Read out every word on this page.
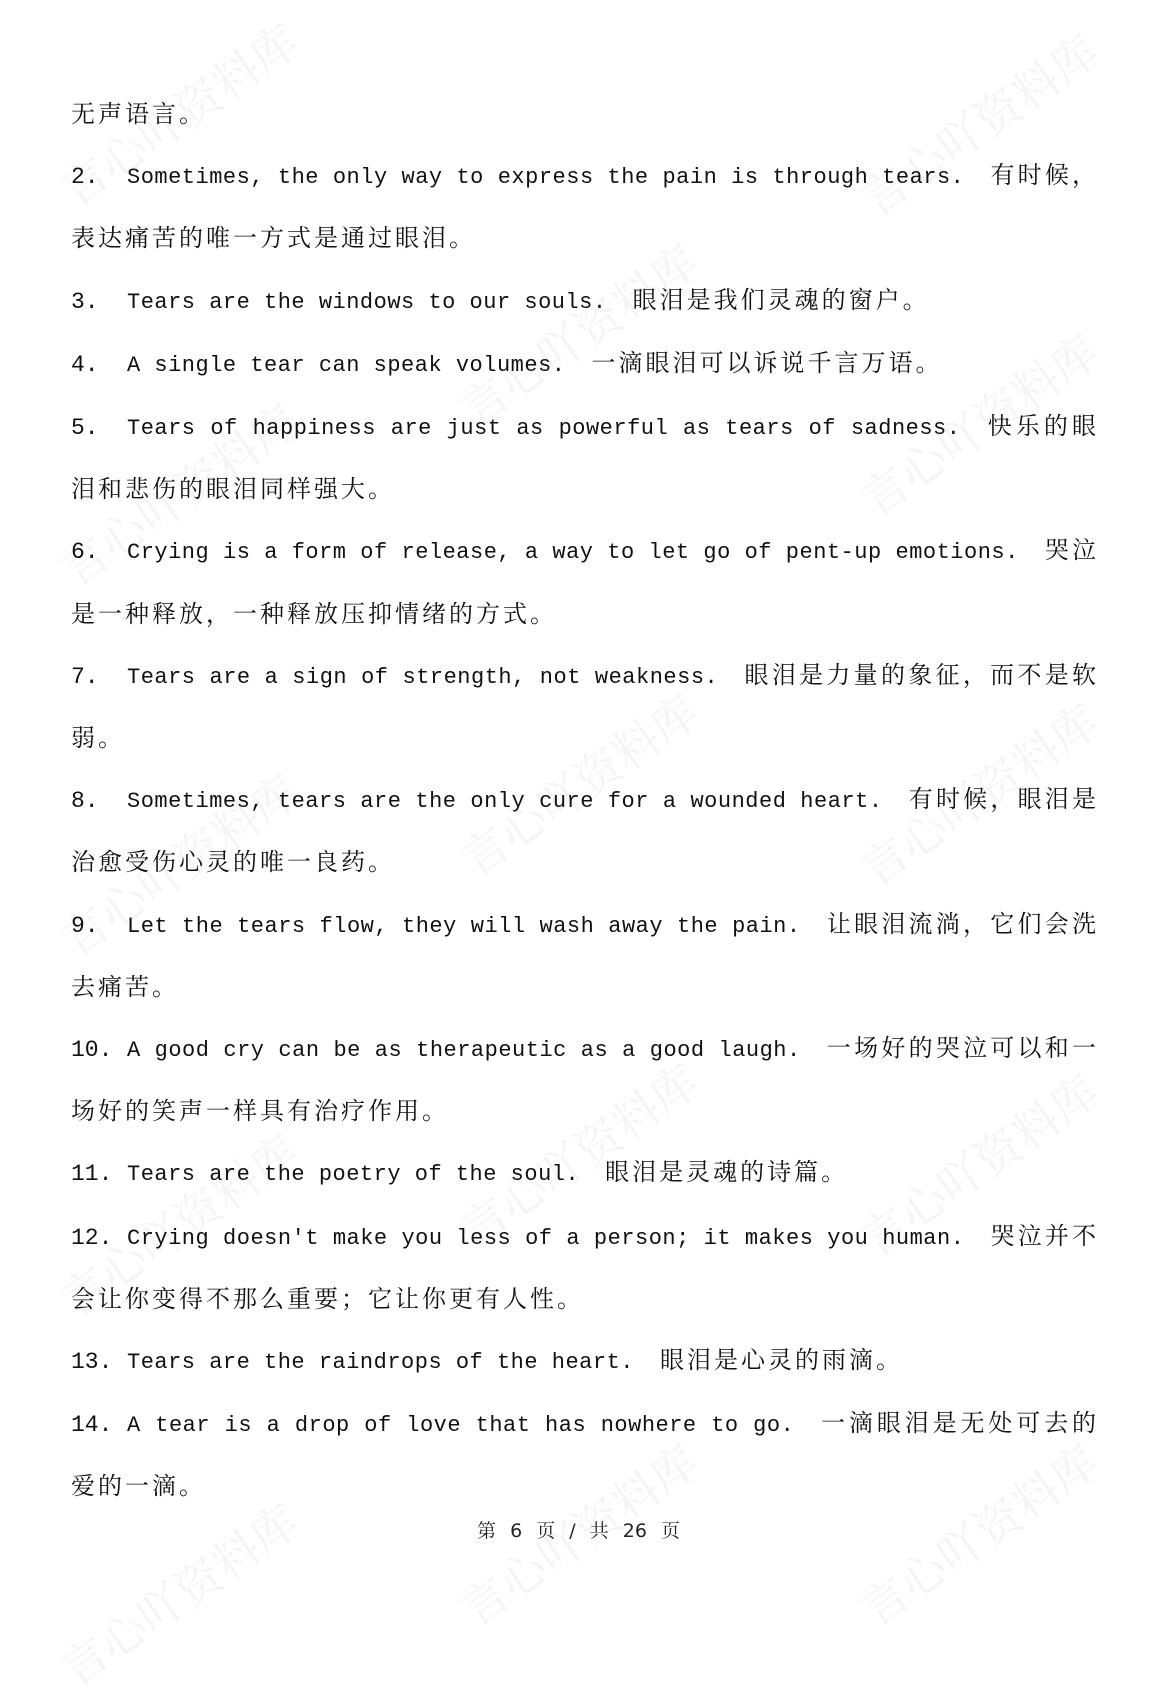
无声语言。
2. Sometimes, the only way to express the pain is through tears. 有时候，表达痛苦的唯一方式是通过眼泪。
3. Tears are the windows to our souls. 眼泪是我们灵魂的窗户。
4. A single tear can speak volumes. 一滴眼泪可以诉说千言万语。
5. Tears of happiness are just as powerful as tears of sadness. 快乐的眼泪和悲伤的眼泪同样强大。
6. Crying is a form of release, a way to let go of pent-up emotions. 哭泣是一种释放，一种释放压抑情绪的方式。
7. Tears are a sign of strength, not weakness. 眼泪是力量的象征，而不是软弱。
8. Sometimes, tears are the only cure for a wounded heart. 有时候，眼泪是治愈受伤心灵的唯一良药。
9. Let the tears flow, they will wash away the pain. 让眼泪流淌，它们会洗去痛苦。
10. A good cry can be as therapeutic as a good laugh. 一场好的哭泣可以和一场好的笑声一样具有治疗作用。
11. Tears are the poetry of the soul. 眼泪是灵魂的诗篇。
12. Crying doesn't make you less of a person; it makes you human. 哭泣并不会让你变得不那么重要；它让你更有人性。
13. Tears are the raindrops of the heart. 眼泪是心灵的雨滴。
14. A tear is a drop of love that has nowhere to go. 一滴眼泪是无处可去的爱的一滴。
第 6 页 / 共 26 页
